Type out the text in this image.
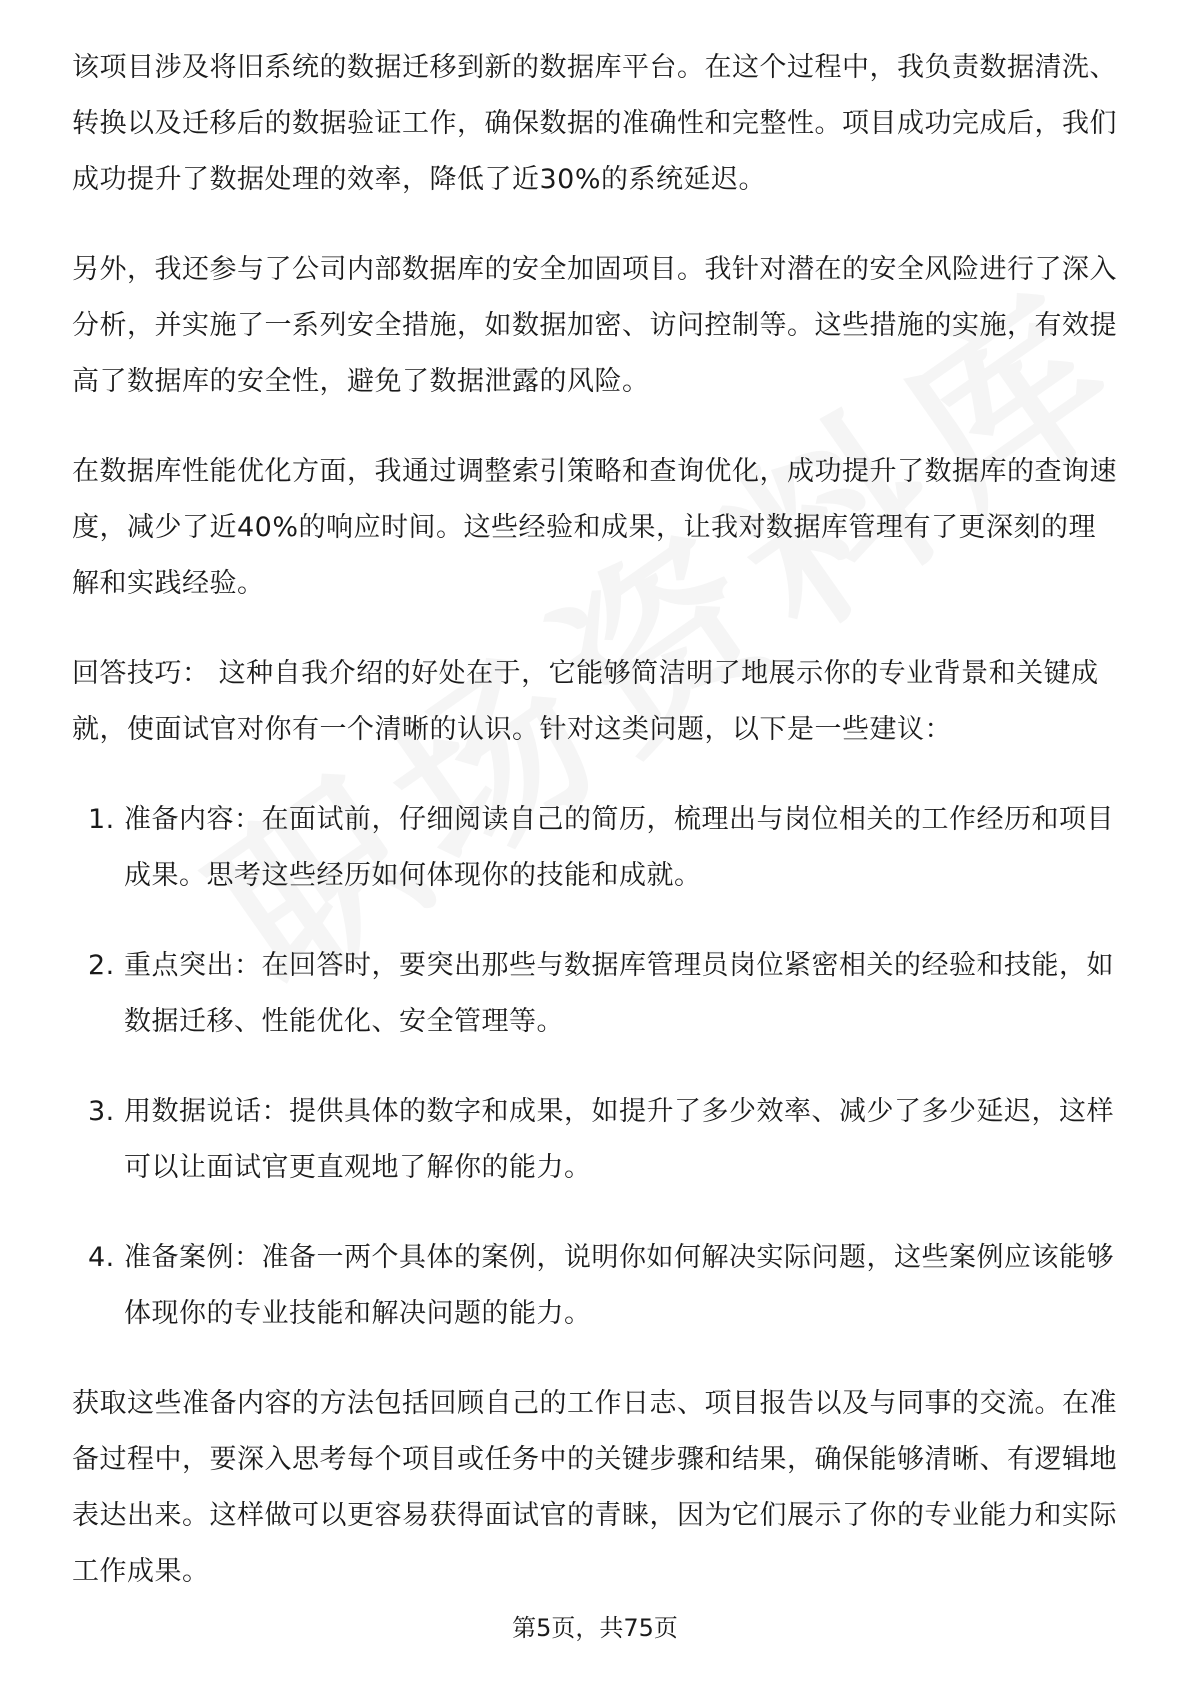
该项目涉及将旧系统的数据迁移到新的数据库平台。在这个过程中，我负责数据清洗、转换以及迁移后的数据验证工作，确保数据的准确性和完整性。项目成功完成后，我们成功提升了数据处理的效率，降低了近30%的系统延迟。

另外，我还参与了公司内部数据库的安全加固项目。我针对潜在的安全风险进行了深入分析，并实施了一系列安全措施，如数据加密、访问控制等。这些措施的实施，有效提高了数据库的安全性，避免了数据泄露的风险。

在数据库性能优化方面，我通过调整索引策略和查询优化，成功提升了数据库的查询速度，减少了近40%的响应时间。这些经验和成果，让我对数据库管理有了更深刻的理解和实践经验。

回答技巧： 这种自我介绍的好处在于，它能够简洁明了地展示你的专业背景和关键成就，使面试官对你有一个清晰的认识。针对这类问题，以下是一些建议：

1. 准备内容：在面试前，仔细阅读自己的简历，梳理出与岗位相关的工作经历和项目成果。思考这些经历如何体现你的技能和成就。
2. 重点突出：在回答时，要突出那些与数据库管理员岗位紧密相关的经验和技能，如数据迁移、性能优化、安全管理等。
3. 用数据说话：提供具体的数字和成果，如提升了多少效率、减少了多少延迟，这样可以让面试官更直观地了解你的能力。
4. 准备案例：准备一两个具体的案例，说明你如何解决实际问题，这些案例应该能够体现你的专业技能和解决问题的能力。

获取这些准备内容的方法包括回顾自己的工作日志、项目报告以及与同事的交流。在准备过程中，要深入思考每个项目或任务中的关键步骤和结果，确保能够清晰、有逻辑地表达出来。这样做可以更容易获得面试官的青睐，因为它们展示了你的专业能力和实际工作成果。

第5页，共75页
